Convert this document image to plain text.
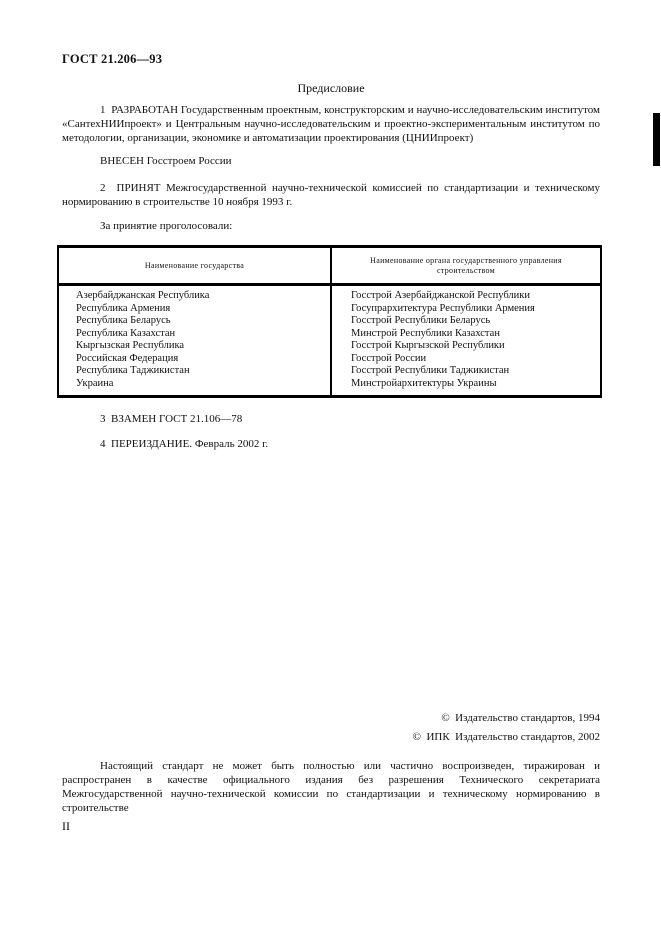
ГОСТ 21.206—93
Предисловие

1  РАЗРАБОТАН Государственным проектным, конструкторским и научно-исследовательским институтом «СантехНИИпроект» и Центральным научно-исследовательским и проектно-экспериментальным институтом по методологии, организации, экономике и автоматизации проектирования (ЦНИИпроект)

ВНЕСЕН Госстроем России

2  ПРИНЯТ Межгосударственной научно-технической комиссией по стандартизации и техническому нормированию в строительстве 10 ноября 1993 г.

За принятие проголосовали:

Наименование государства	Наименование органа государственного управления строительством
Азербайджанская Республика	Госстрой Азербайджанской Республики
Республика Армения	Госупрархитектура Республики Армения
Республика Беларусь	Госстрой Республики Беларусь
Республика Казахстан	Минстрой Республики Казахстан
Кыргызская Республика	Госстрой Кыргызской Республики
Российская Федерация	Госстрой России
Республика Таджикистан	Госстрой Республики Таджикистан
Украина	Минстройархитектуры Украины

3  ВЗАМЕН ГОСТ 21.106—78

4  ПЕРЕИЗДАНИЕ. Февраль 2002 г.

©  Издательство стандартов, 1994
©  ИПК  Издательство стандартов, 2002

Настоящий стандарт не может быть полностью или частично воспроизведен, тиражирован и распространен в качестве официального издания без разрешения Технического секретариата Межгосударственной научно-технической комиссии по стандартизации и техническому нормированию в строительстве

II
